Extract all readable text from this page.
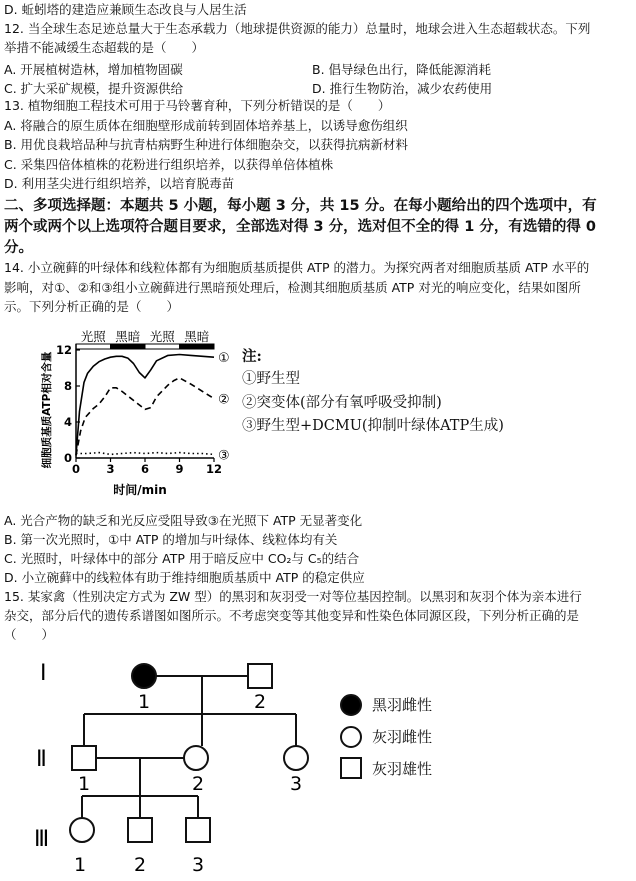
D. 蚯蚓塔的建造应兼顾生态改良与人居生活
12. 当全球生态足迹总量大于生态承载力（地球提供资源的能力）总量时，地球会进入生态超载状态。下列
举措不能减缓生态超载的是（　　）
A. 开展植树造林，增加植物固碳	B. 倡导绿色出行，降低能源消耗
C. 扩大采矿规模，提升资源供给	D. 推行生物防治，减少农药使用
13. 植物细胞工程技术可用于马铃薯育种，下列分析错误的是（　　）
A. 将融合的原生质体在细胞壁形成前转到固体培养基上，以诱导愈伤组织
B. 用优良栽培品种与抗青枯病野生种进行体细胞杂交，以获得抗病新材料
C. 采集四倍体植株的花粉进行组织培养，以获得单倍体植株
D. 利用茎尖进行组织培养，以培育脱毒苗
二、多项选择题：本题共 5 小题，每小题 3 分，共 15 分。在每小题给出的四个选项中，有
两个或两个以上选项符合题目要求，全部选对得 3 分，选对但不全的得 1 分，有选错的得 0
分。
14. 小立碗藓的叶绿体和线粒体都有为细胞质基质提供 ATP 的潜力。为探究两者对细胞质基质 ATP 水平的
影响，对①、②和③组小立碗藓进行黑暗预处理后，检测其细胞质基质 ATP 对光的响应变化，结果如图所
示。下列分析正确的是（　　）
光照 黑暗 光照 黑暗
0
4
8
12
0 3 6 9 12
①
②
③
细胞质基质ATP相对含量
时间/min
注:
①野生型
②突变体(部分有氧呼吸受抑制)
③野生型+DCMU(抑制叶绿体ATP生成)
A. 光合产物的缺乏和光反应受阻导致③在光照下 ATP 无显著变化
B. 第一次光照时，①中 ATP 的增加与叶绿体、线粒体均有关
C. 光照时，叶绿体中的部分 ATP 用于暗反应中 CO₂与 C₅的结合
D. 小立碗藓中的线粒体有助于维持细胞质基质中 ATP 的稳定供应
15. 某家禽（性别决定方式为 ZW 型）的黑羽和灰羽受一对等位基因控制。以黑羽和灰羽个体为亲本进行
杂交，部分后代的遗传系谱图如图所示。不考虑突变等其他变异和性染色体同源区段，下列分析正确的是
（　　）
Ⅰ
Ⅱ
Ⅲ
1	2
1	2	3
1	2 3
黑羽雌性
灰羽雌性
灰羽雄性
